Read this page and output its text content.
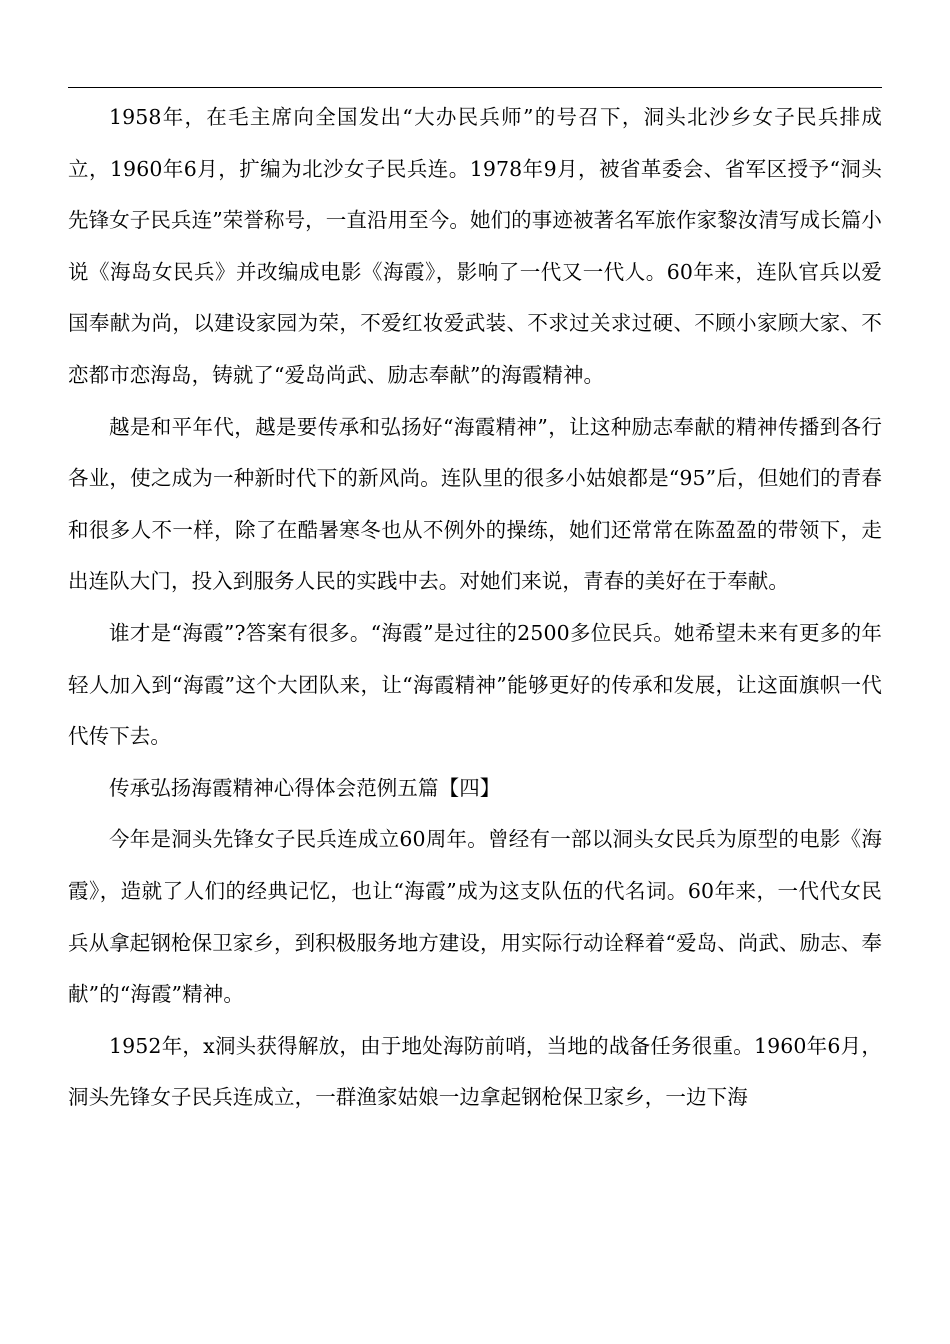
1958年，在毛主席向全国发出“大办民兵师”的号召下，洞头北沙乡女子民兵排成立，1960年6月，扩编为北沙女子民兵连。1978年9月，被省革委会、省军区授予“洞头先锋女子民兵连”荣誉称号，一直沿用至今。她们的事迹被著名军旅作家黎汝清写成长篇小说《海岛女民兵》并改编成电影《海霞》，影响了一代又一代人。60年来，连队官兵以爱国奉献为尚，以建设家园为荣，不爱红妆爱武装、不求过关求过硬、不顾小家顾大家、不恋都市恋海岛，铸就了“爱岛尚武、励志奉献”的海霞精神。

越是和平年代，越是要传承和弘扬好“海霞精神”，让这种励志奉献的精神传播到各行各业，使之成为一种新时代下的新风尚。连队里的很多小姑娘都是“95”后，但她们的青春和很多人不一样，除了在酷暑寒冬也从不例外的操练，她们还常常在陈盈盈的带领下，走出连队大门，投入到服务人民的实践中去。对她们来说，青春的美好在于奉献。

谁才是“海霞”?答案有很多。“海霞”是过往的2500多位民兵。她希望未来有更多的年轻人加入到“海霞”这个大团队来，让“海霞精神”能够更好的传承和发展，让这面旗帜一代代传下去。

传承弘扬海霞精神心得体会范例五篇【四】

今年是洞头先锋女子民兵连成立60周年。曾经有一部以洞头女民兵为原型的电影《海霞》，造就了人们的经典记忆，也让“海霞”成为这支队伍的代名词。60年来，一代代女民兵从拿起钢枪保卫家乡，到积极服务地方建设，用实际行动诠释着“爱岛、尚武、励志、奉献”的“海霞”精神。

1952年，x洞头获得解放，由于地处海防前哨，当地的战备任务很重。1960年6月，洞头先锋女子民兵连成立，一群渔家姑娘一边拿起钢枪保卫家乡，一边下海
